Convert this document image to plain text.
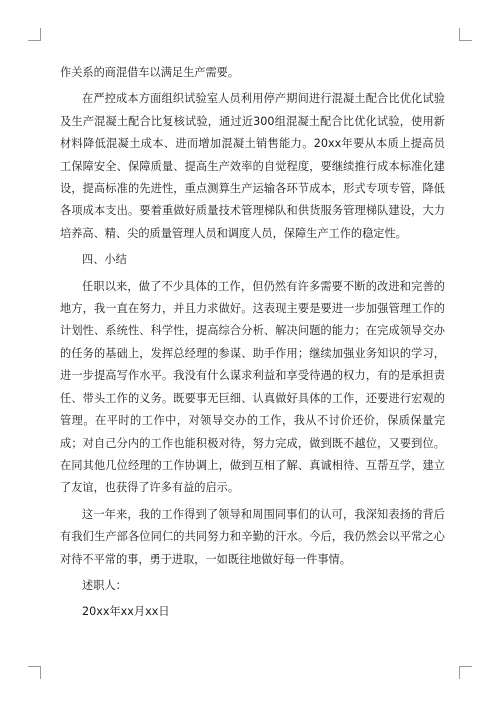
作关系的商混借车以满足生产需要。

在严控成本方面组织试验室人员利用停产期间进行混凝土配合比优化试验及生产混凝土配合比复核试验，通过近300组混凝土配合比优化试验，使用新材料降低混凝土成本、进而增加混凝土销售能力。20xx年要从本质上提高员工保障安全、保障质量、提高生产效率的自觉程度，要继续推行成本标准化建设，提高标准的先进性，重点测算生产运输各环节成本，形式专项专管，降低各项成本支出。要着重做好质量技术管理梯队和供货服务管理梯队建设，大力培养高、精、尖的质量管理人员和调度人员，保障生产工作的稳定性。

四、小结

任职以来，做了不少具体的工作，但仍然有许多需要不断的改进和完善的地方，我一直在努力，并且力求做好。这表现主要是要进一步加强管理工作的计划性、系统性、科学性，提高综合分析、解决问题的能力；在完成领导交办的任务的基础上，发挥总经理的参谋、助手作用；继续加强业务知识的学习，进一步提高写作水平。我没有什么谋求利益和享受待遇的权力，有的是承担责任、带头工作的义务。既要事无巨细、认真做好具体的工作，还要进行宏观的管理。在平时的工作中，对领导交办的工作，我从不讨价还价，保质保量完成；对自己分内的工作也能积极对待，努力完成，做到既不越位，又要到位。在同其他几位经理的工作协调上，做到互相了解、真诚相待、互帮互学，建立了友谊，也获得了许多有益的启示。

这一年来，我的工作得到了领导和周围同事们的认可，我深知表扬的背后有我们生产部各位同仁的共同努力和辛勤的汗水。今后，我仍然会以平常之心对待不平常的事，勇于进取，一如既往地做好每一件事情。

述职人：

20xx年xx月xx日
